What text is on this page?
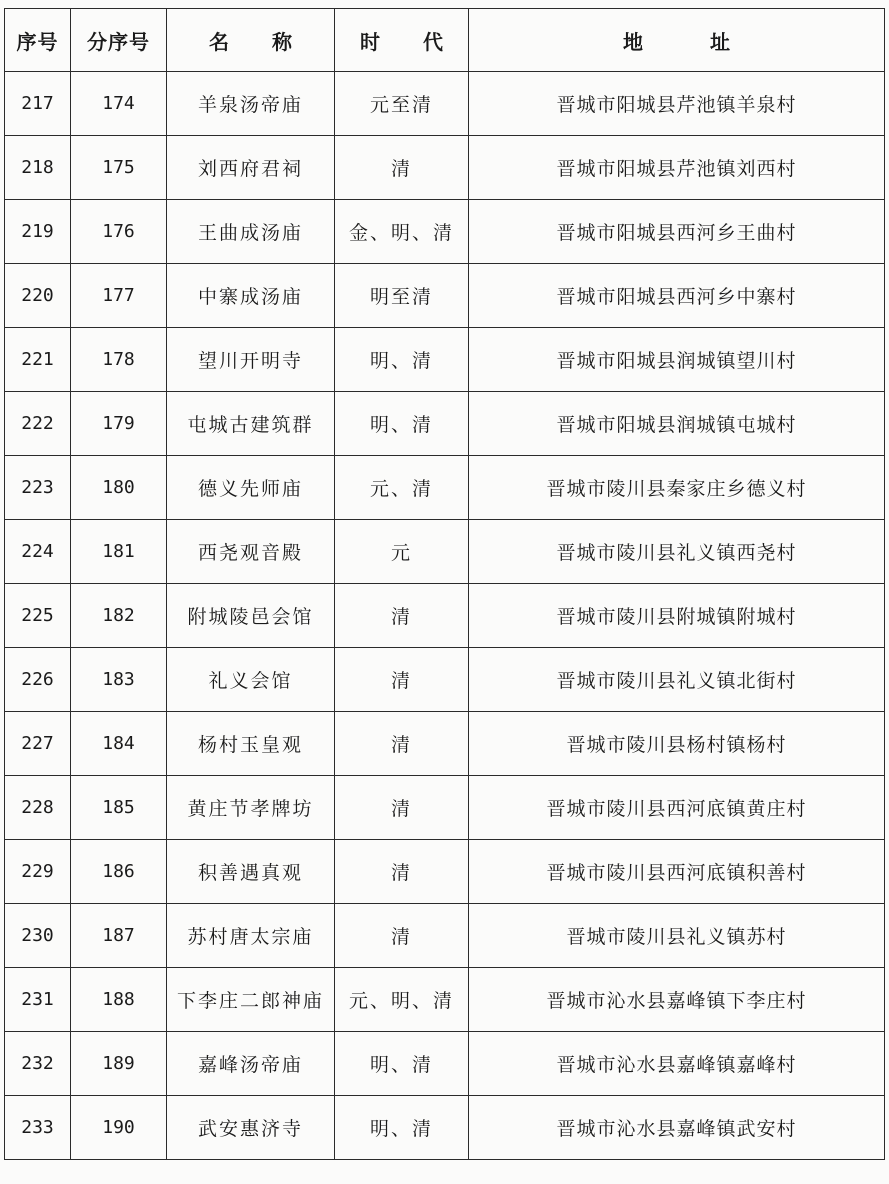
序号	分序号	名 称	时 代	地 址
217	174	羊泉汤帝庙	元至清	晋城市阳城县芹池镇羊泉村
218	175	刘西府君祠	清	晋城市阳城县芹池镇刘西村
219	176	王曲成汤庙	金、明、清	晋城市阳城县西河乡王曲村
220	177	中寨成汤庙	明至清	晋城市阳城县西河乡中寨村
221	178	望川开明寺	明、清	晋城市阳城县润城镇望川村
222	179	屯城古建筑群	明、清	晋城市阳城县润城镇屯城村
223	180	德义先师庙	元、清	晋城市陵川县秦家庄乡德义村
224	181	西尧观音殿	元	晋城市陵川县礼义镇西尧村
225	182	附城陵邑会馆	清	晋城市陵川县附城镇附城村
226	183	礼义会馆	清	晋城市陵川县礼义镇北街村
227	184	杨村玉皇观	清	晋城市陵川县杨村镇杨村
228	185	黄庄节孝牌坊	清	晋城市陵川县西河底镇黄庄村
229	186	积善遇真观	清	晋城市陵川县西河底镇积善村
230	187	苏村唐太宗庙	清	晋城市陵川县礼义镇苏村
231	188	下李庄二郎神庙	元、明、清	晋城市沁水县嘉峰镇下李庄村
232	189	嘉峰汤帝庙	明、清	晋城市沁水县嘉峰镇嘉峰村
233	190	武安惠济寺	明、清	晋城市沁水县嘉峰镇武安村
